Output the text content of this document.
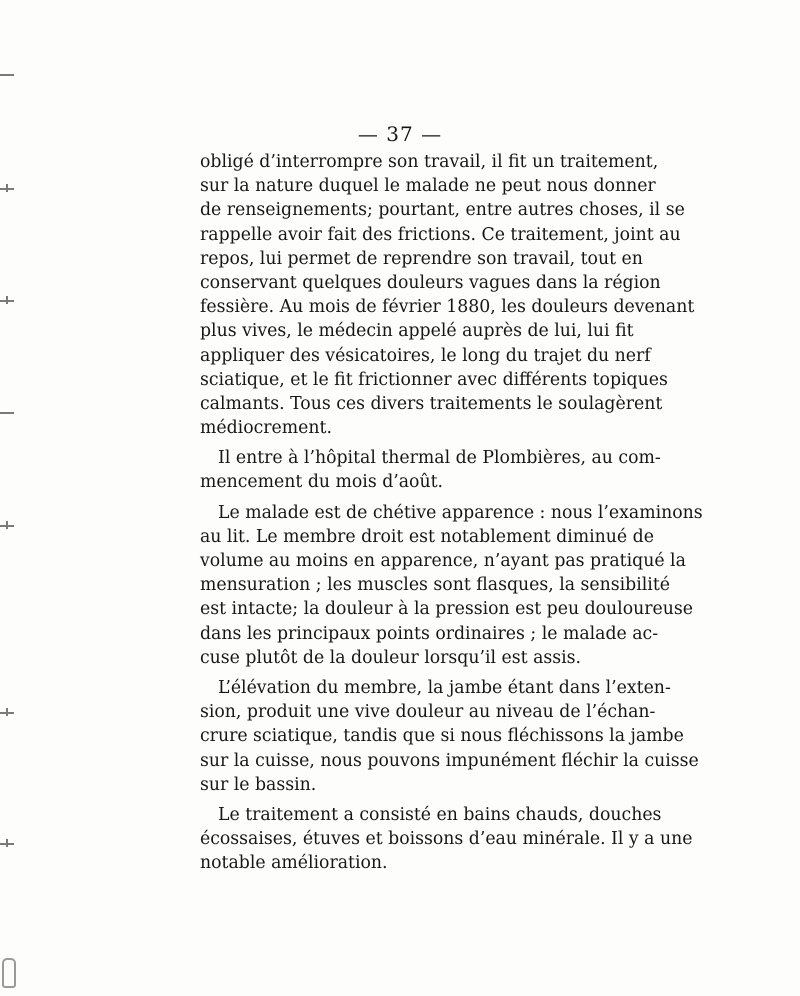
— 37 —
obligé d’interrompre son travail, il fit un traitement,
sur la nature duquel le malade ne peut nous donner
de renseignements; pourtant, entre autres choses, il se
rappelle avoir fait des frictions. Ce traitement, joint au
repos, lui permet de reprendre son travail, tout en
conservant quelques douleurs vagues dans la région
fessière. Au mois de février 1880, les douleurs devenant
plus vives, le médecin appelé auprès de lui, lui fit
appliquer des vésicatoires, le long du trajet du nerf
sciatique, et le fit frictionner avec différents topiques
calmants. Tous ces divers traitements le soulagèrent
médiocrement.
Il entre à l’hôpital thermal de Plombières, au com-
mencement du mois d’août.
Le malade est de chétive apparence : nous l’examinons
au lit. Le membre droit est notablement diminué de
volume au moins en apparence, n’ayant pas pratiqué la
mensuration ; les muscles sont flasques, la sensibilité
est intacte; la douleur à la pression est peu douloureuse
dans les principaux points ordinaires ; le malade ac-
cuse plutôt de la douleur lorsqu’il est assis.
L’élévation du membre, la jambe étant dans l’exten-
sion, produit une vive douleur au niveau de l’échan-
crure sciatique, tandis que si nous fléchissons la jambe
sur la cuisse, nous pouvons impunément fléchir la cuisse
sur le bassin.
Le traitement a consisté en bains chauds, douches
écossaises, étuves et boissons d’eau minérale. Il y a une
notable amélioration.
